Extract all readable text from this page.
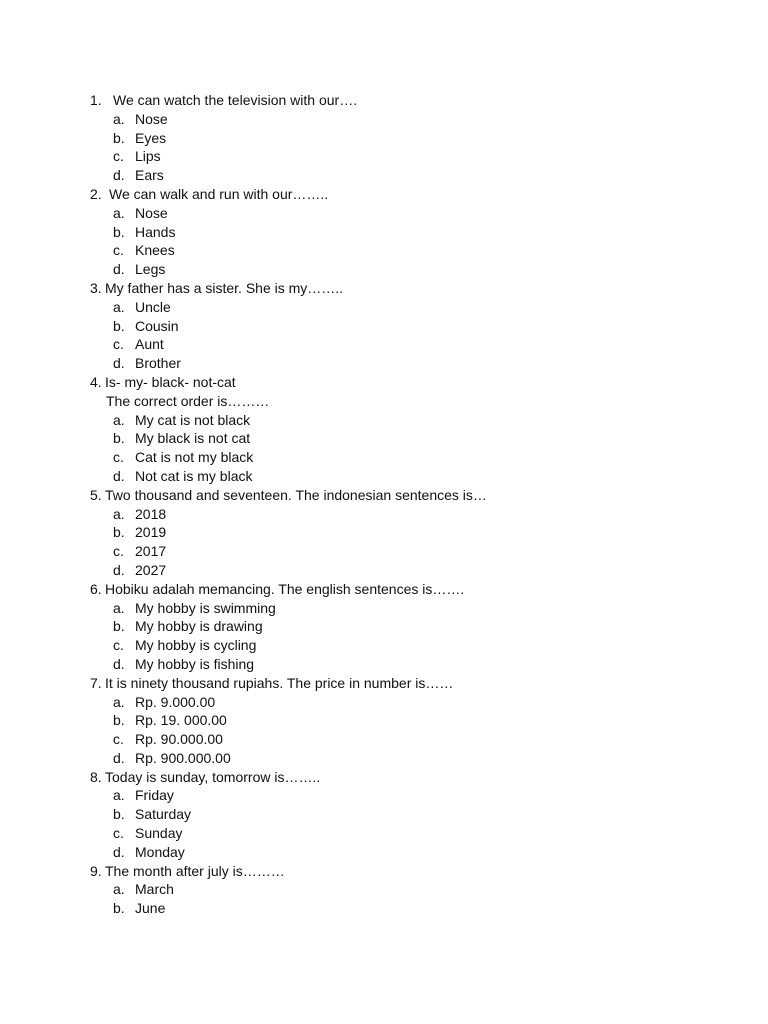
1. We can watch the television with our….
a. Nose
b. Eyes
c. Lips
d. Ears
2. We can walk and run with our……..
a. Nose
b. Hands
c. Knees
d. Legs
3. My father has a sister. She is my……..
a. Uncle
b. Cousin
c. Aunt
d. Brother
4. Is- my- black- not-cat
The correct order is………
a. My cat is not black
b. My black is not cat
c. Cat is not my black
d. Not cat is my black
5. Two thousand and seventeen. The indonesian sentences is…
a. 2018
b. 2019
c. 2017
d. 2027
6. Hobiku adalah memancing. The english sentences is…….
a. My hobby is swimming
b. My hobby is drawing
c. My hobby is cycling
d. My hobby is fishing
7. It is ninety thousand rupiahs. The price in number is……
a. Rp. 9.000.00
b. Rp. 19. 000.00
c. Rp. 90.000.00
d. Rp. 900.000.00
8. Today is sunday, tomorrow is……..
a. Friday
b. Saturday
c. Sunday
d. Monday
9. The month after july is………
a. March
b. June
